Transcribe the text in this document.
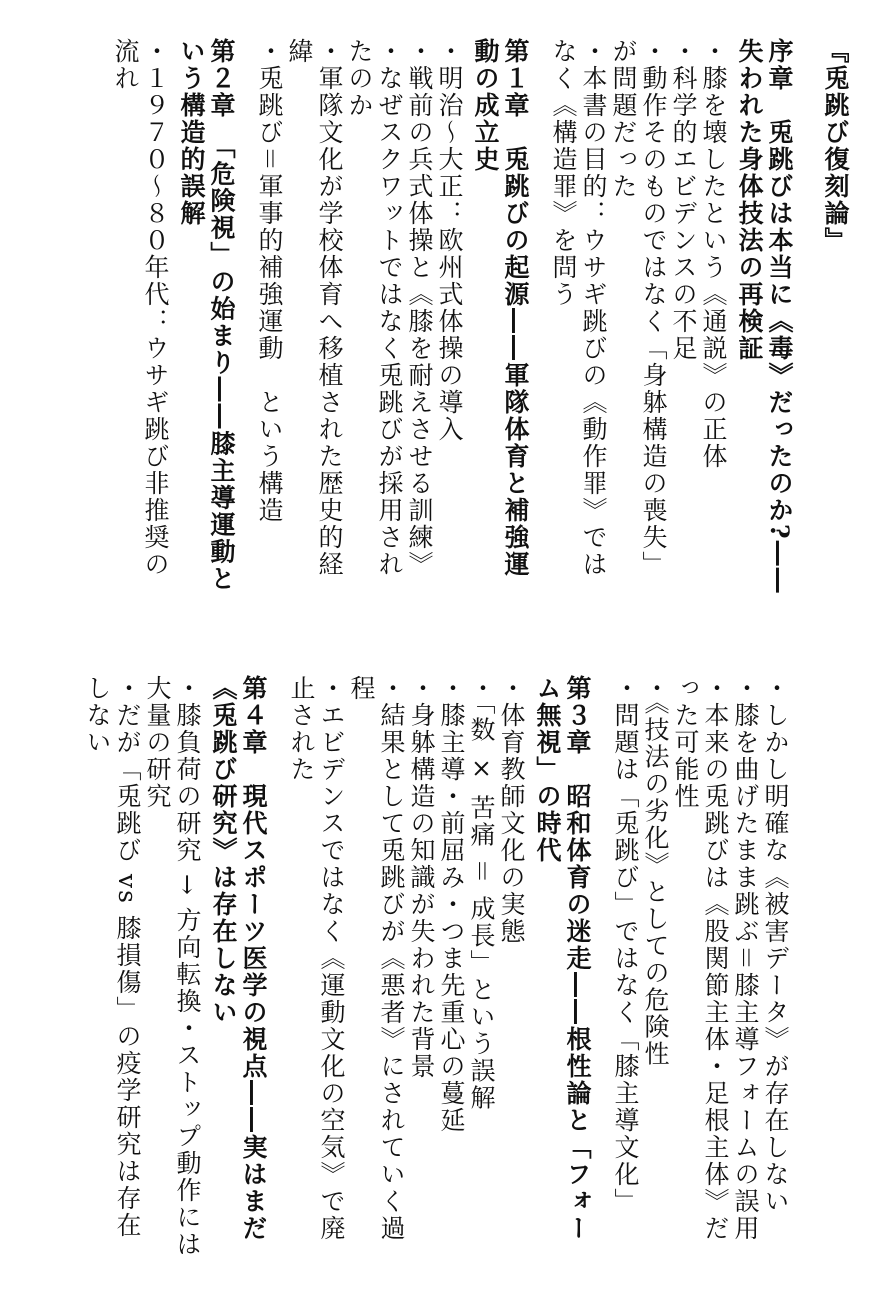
『兎跳び復刻論』
序章　兎跳びは本当に《毒》だったのか?――失われた身体技法の再検証
・膝を壊したという《通説》の正体
・科学的エビデンスの不足
・動作そのものではなく「身躰構造の喪失」が問題だった
・本書の目的：ウサギ跳びの《動作罪》ではなく《構造罪》を問う
第１章　兎跳びの起源――軍隊体育と補強運動の成立史
・明治〜大正：欧州式体操の導入
・戦前の兵式体操と《膝を耐えさせる訓練》
・なぜスクワットではなく兎跳びが採用されたのか
・軍隊文化が学校体育へ移植された歴史的経緯
・兎跳び＝軍事的補強運動　という構造
第２章　「危険視」の始まり――膝主導運動という構造的誤解
・１９７０〜８０年代：ウサギ跳び非推奨の流れ
・しかし明確な《被害データ》が存在しない
・膝を曲げたまま跳ぶ＝膝主導フォームの誤用
・本来の兎跳びは《股関節主体・足根主体》だった可能性
・《技法の劣化》としての危険性
・問題は「兎跳び」ではなく「膝主導文化」
第３章　昭和体育の迷走――根性論と「フォーム無視」の時代
・体育教師文化の実態
・「数 × 苦痛 ＝ 成長」という誤解
・膝主導・前屈み・つま先重心の蔓延
・身躰構造の知識が失われた背景
・結果として兎跳びが《悪者》にされていく過程
・エビデンスではなく《運動文化の空気》で廃止された
第４章　現代スポーツ医学の視点――実はまだ《兎跳び研究》は存在しない
・膝負荷の研究 → 方向転換・ストップ動作には大量の研究
・だが「兎跳び vs 膝損傷」の疫学研究は存在しない
